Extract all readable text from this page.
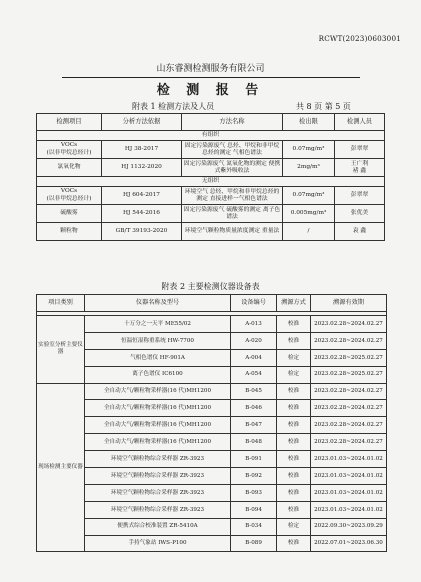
RCWT(2023)0603001
山东睿测检测服务有限公司
检 测 报 告
附表 1 检测方法及人员	共 8 页 第 5 页
检测项目	分析方法依据	方法名称	检出限	检测人员
有组织				

VOCs
(以非甲烷总烃计)	HJ 38-2017	固定污染源废气 总烃、甲烷和非甲烷总烃的测定 气相色谱法	0.07mg/m³	彭翠翠

氯氧化物	HJ 1132-2020	固定污染源废气 氮氧化物的测定 便携式紫外吸收法	2mg/m³	王广利
褚 鑫

无组织				

VOCs
(以非甲烷总烃计)	HJ 604-2017	环境空气 总烃、甲烷和非甲烷总烃的测定 直接进样一气相色谱法	0.07mg/m³	彭翠翠

硫酸雾	HJ 544-2016	固定污染源废气 硫酸雾的测定 离子色谱法	0.005mg/m³	张优美

颗粒物	GB/T 39193-2020	环境空气颗粒物质量浓度测定 重量法	/	袁 鑫
附表 2 主要检测仪器设备表
项目类别	仪器名称及型号	设备编号	溯源方式	溯源有效期

实验室分析主要仪器	十万分之一天平 ME55/02	A-013	校准	2023.02.28~2024.02.27
	恒温恒湿称重系统 HW-7700	A-020	校准	2023.02.28~2024.02.27
	气相色谱仪 HF-901A	A-004	检定	2023.02.28~2025.02.27
	离子色谱仪 IC6100	A-054	检定	2023.02.28~2025.02.27
现场检测主要仪器	全自动大气/颗粒物采样器(16 代)MH1200	B-045	校准	2023.02.28~2024.02.27
	全自动大气/颗粒物采样器(16 代)MH1200	B-046	校准	2023.02.28~2024.02.27
	全自动大气/颗粒物采样器(16 代)MH1200	B-047	校准	2023.02.28~2024.02.27
	全自动大气/颗粒物采样器(16 代)MH1200	B-048	校准	2023.02.28~2024.02.27
	环境空气颗粒物综合采样器 ZR-3923	B-091	校准	2023.01.03~2024.01.02
	环境空气颗粒物综合采样器 ZR-3923	B-092	校准	2023.01.03~2024.01.02
	环境空气颗粒物综合采样器 ZR-3923	B-093	校准	2023.01.03~2024.01.02
	环境空气颗粒物综合采样器 ZR-3923	B-094	校准	2023.01.03~2024.01.02
	便携式综合校准装置 ZR-5410A	B-034	检定	2022.09.30~2023.09.29
	手持气象站 IWS-P100	B-089	校准	2022.07.01~2023.06.30
